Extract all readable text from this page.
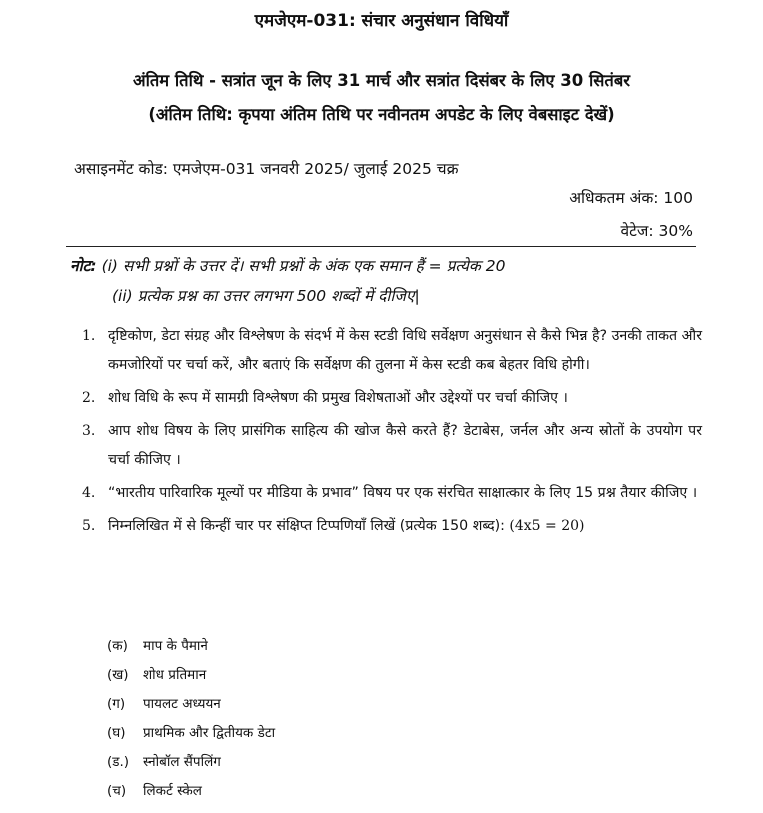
एमजेएम-031: संचार अनुसंधान विधियाँ
अंतिम तिथि - सत्रांत जून के लिए 31 मार्च और सत्रांत दिसंबर के लिए 30 सितंबर
(अंतिम तिथि: कृपया अंतिम तिथि पर नवीनतम अपडेट के लिए वेबसाइट देखें)
असाइनमेंट कोड: एमजेएम-031 जनवरी 2025/ जुलाई 2025 चक्र
अधिकतम अंक: 100
वेटेज: 30%
नोट: (i) सभी प्रश्नों के उत्तर दें। सभी प्रश्नों के अंक एक समान हैं = प्रत्येक 20
(ii) प्रत्येक प्रश्न का उत्तर लगभग 500 शब्दों में दीजिए|
1. दृष्टिकोण, डेटा संग्रह और विश्लेषण के संदर्भ में केस स्टडी विधि सर्वेक्षण अनुसंधान से कैसे भिन्न है? उनकी ताकत और कमजोरियों पर चर्चा करें, और बताएं कि सर्वेक्षण की तुलना में केस स्टडी कब बेहतर विधि होगी।
2. शोध विधि के रूप में सामग्री विश्लेषण की प्रमुख विशेषताओं और उद्देश्यों पर चर्चा कीजिए ।
3. आप शोध विषय के लिए प्रासंगिक साहित्य की खोज कैसे करते हैं? डेटाबेस, जर्नल और अन्य स्रोतों के उपयोग पर चर्चा कीजिए ।
4. “भारतीय पारिवारिक मूल्यों पर मीडिया के प्रभाव” विषय पर एक संरचित साक्षात्कार के लिए 15 प्रश्न तैयार कीजिए ।
5. निम्नलिखित में से किन्हीं चार पर संक्षिप्त टिप्पणियाँ लिखें (प्रत्येक 150 शब्द): (4x5 = 20)
(क) माप के पैमाने
(ख) शोध प्रतिमान
(ग) पायलट अध्ययन
(घ) प्राथमिक और द्वितीयक डेटा
(ड.) स्नोबॉल सैंपलिंग
(च) लिकर्ट स्केल
